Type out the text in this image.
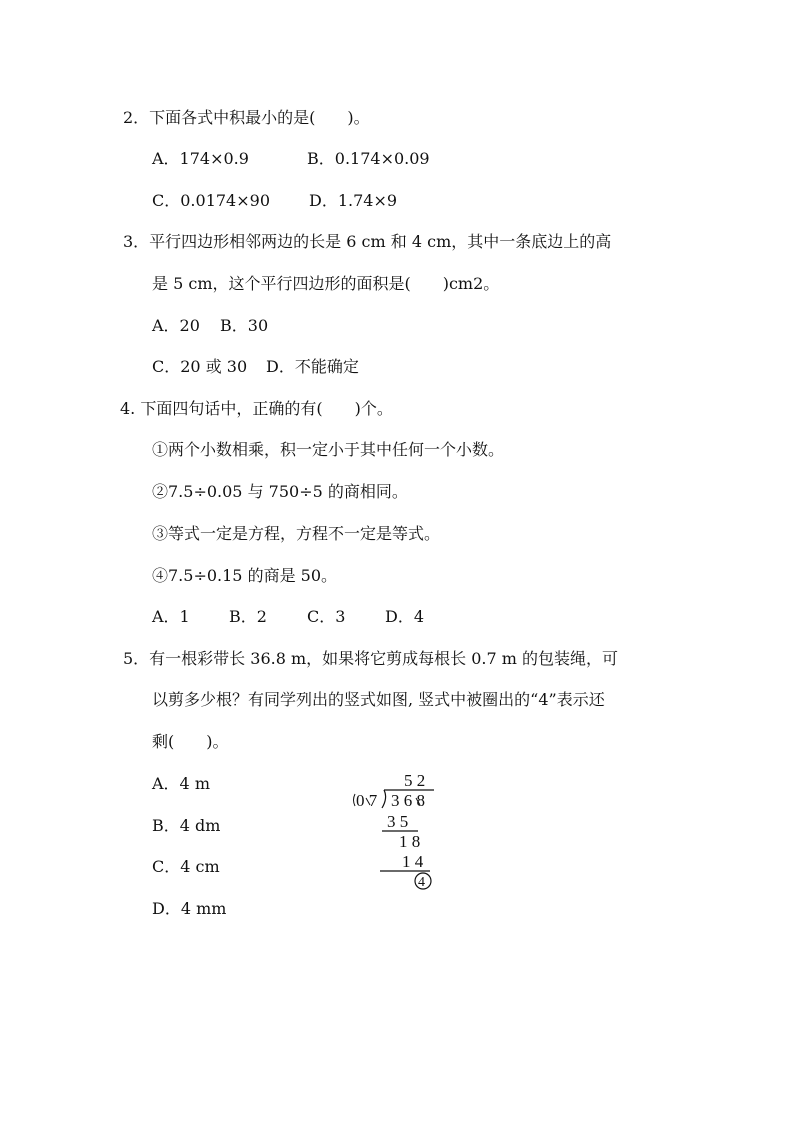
2．下面各式中积最小的是(　　)。
A．174×0.9	B．0.174×0.09
C．0.0174×90 D．1.74×9
3．平行四边形相邻两边的长是 6 cm 和 4 cm，其中一条底边上的高
是 5 cm，这个平行四边形的面积是(　　)cm2。
A．20 B．30
C．20 或 30 D．不能确定
4. 下面四句话中，正确的有(　　)个。
①两个小数相乘，积一定小于其中任何一个小数。
②7.5÷0.05 与 750÷5 的商相同。
③等式一定是方程，方程不一定是等式。
④7.5÷0.15 的商是 50。
A．1 B．2	C．3 D．4
5．有一根彩带长 36.8 m，如果将它剪成每根长 0.7 m 的包装绳，可
以剪多少根？有同学列出的竖式如图, 竖式中被圈出的“4”表示还
剩(　　)。
A．4 m
B．4 dm
C．4 cm
D．4 mm
5 2
0 7 3 6 8
3 5
1 8
1 4
4
